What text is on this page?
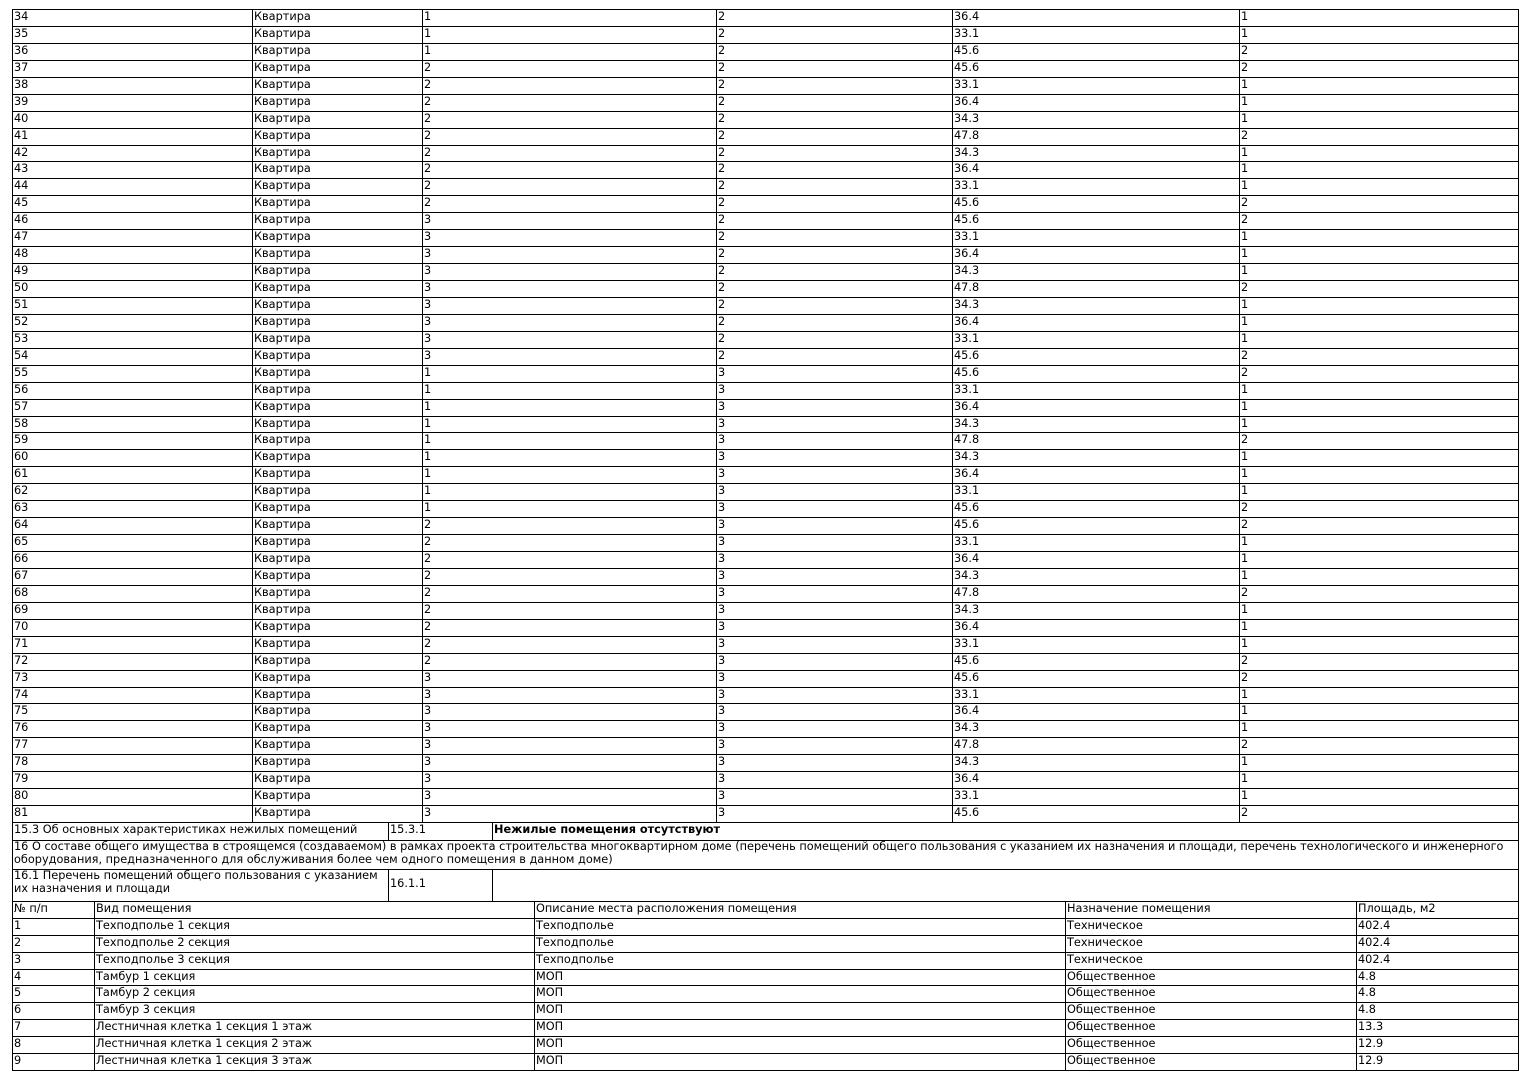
34	Квартира	1	2	36.4	1
35	Квартира	1	2	33.1	1
36	Квартира	1	2	45.6	2
37	Квартира	2	2	45.6	2
38	Квартира	2	2	33.1	1
39	Квартира	2	2	36.4	1
40	Квартира	2	2	34.3	1
41	Квартира	2	2	47.8	2
42	Квартира	2	2	34.3	1
43	Квартира	2	2	36.4	1
44	Квартира	2	2	33.1	1
45	Квартира	2	2	45.6	2
46	Квартира	3	2	45.6	2
47	Квартира	3	2	33.1	1
48	Квартира	3	2	36.4	1
49	Квартира	3	2	34.3	1
50	Квартира	3	2	47.8	2
51	Квартира	3	2	34.3	1
52	Квартира	3	2	36.4	1
53	Квартира	3	2	33.1	1
54	Квартира	3	2	45.6	2
55	Квартира	1	3	45.6	2
56	Квартира	1	3	33.1	1
57	Квартира	1	3	36.4	1
58	Квартира	1	3	34.3	1
59	Квартира	1	3	47.8	2
60	Квартира	1	3	34.3	1
61	Квартира	1	3	36.4	1
62	Квартира	1	3	33.1	1
63	Квартира	1	3	45.6	2
64	Квартира	2	3	45.6	2
65	Квартира	2	3	33.1	1
66	Квартира	2	3	36.4	1
67	Квартира	2	3	34.3	1
68	Квартира	2	3	47.8	2
69	Квартира	2	3	34.3	1
70	Квартира	2	3	36.4	1
71	Квартира	2	3	33.1	1
72	Квартира	2	3	45.6	2
73	Квартира	3	3	45.6	2
74	Квартира	3	3	33.1	1
75	Квартира	3	3	36.4	1
76	Квартира	3	3	34.3	1
77	Квартира	3	3	47.8	2
78	Квартира	3	3	34.3	1
79	Квартира	3	3	36.4	1
80	Квартира	3	3	33.1	1
81	Квартира	3	3	45.6	2
15.3 Об основных характеристиках нежилых помещений	15.3.1	Нежилые помещения отсутствуют
16 О составе общего имущества в строящемся (создаваемом) в рамках проекта строительства многоквартирном доме (перечень помещений общего пользования с указанием их назначения и площади, перечень технологического и инженерного оборудования, предназначенного для обслуживания более чем одного помещения в данном доме)
16.1 Перечень помещений общего пользования с указанием их назначения и площади	16.1.1	
№ п/п	Вид помещения	Описание места расположения помещения	Назначение помещения	Площадь, м2
1	Техподполье 1 секция	Техподполье	Техническое	402.4
2	Техподполье 2 секция	Техподполье	Техническое	402.4
3	Техподполье 3 секция	Техподполье	Техническое	402.4
4	Тамбур 1 секция	МОП	Общественное	4.8
5	Тамбур 2 секция	МОП	Общественное	4.8
6	Тамбур 3 секция	МОП	Общественное	4.8
7	Лестничная клетка 1 секция 1 этаж	МОП	Общественное	13.3
8	Лестничная клетка 1 секция 2 этаж	МОП	Общественное	12.9
9	Лестничная клетка 1 секция 3 этаж	МОП	Общественное	12.9
